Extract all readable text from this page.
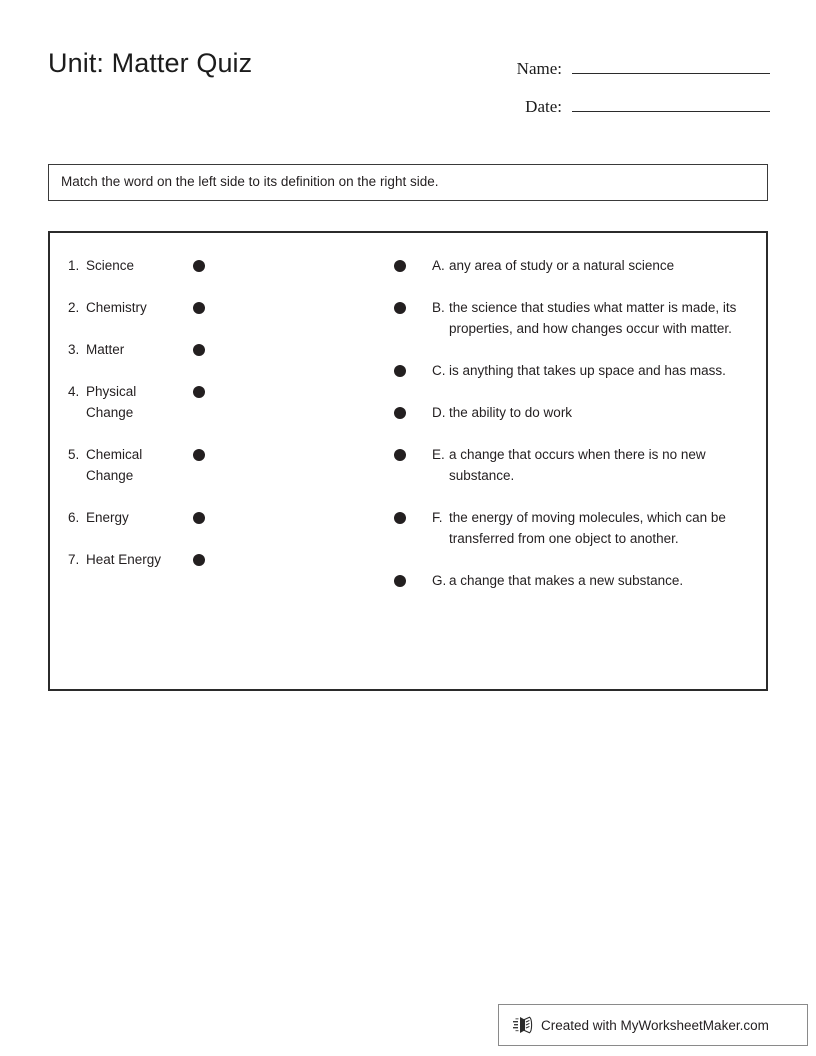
Unit: Matter Quiz	Name:
Date:
Match the word on the left side to its definition on the right side.
1. Science
2. Chemistry
3. Matter
4. Physical Change
5. Chemical Change
6. Energy
7. Heat Energy
A. any area of study or a natural science
B. the science that studies what matter is made, its properties, and how changes occur with matter.
C. is anything that takes up space and has mass.
D. the ability to do work
E. a change that occurs when there is no new substance.
F. the energy of moving molecules, which can be transferred from one object to another.
G. a change that makes a new substance.
Created with MyWorksheetMaker.com
